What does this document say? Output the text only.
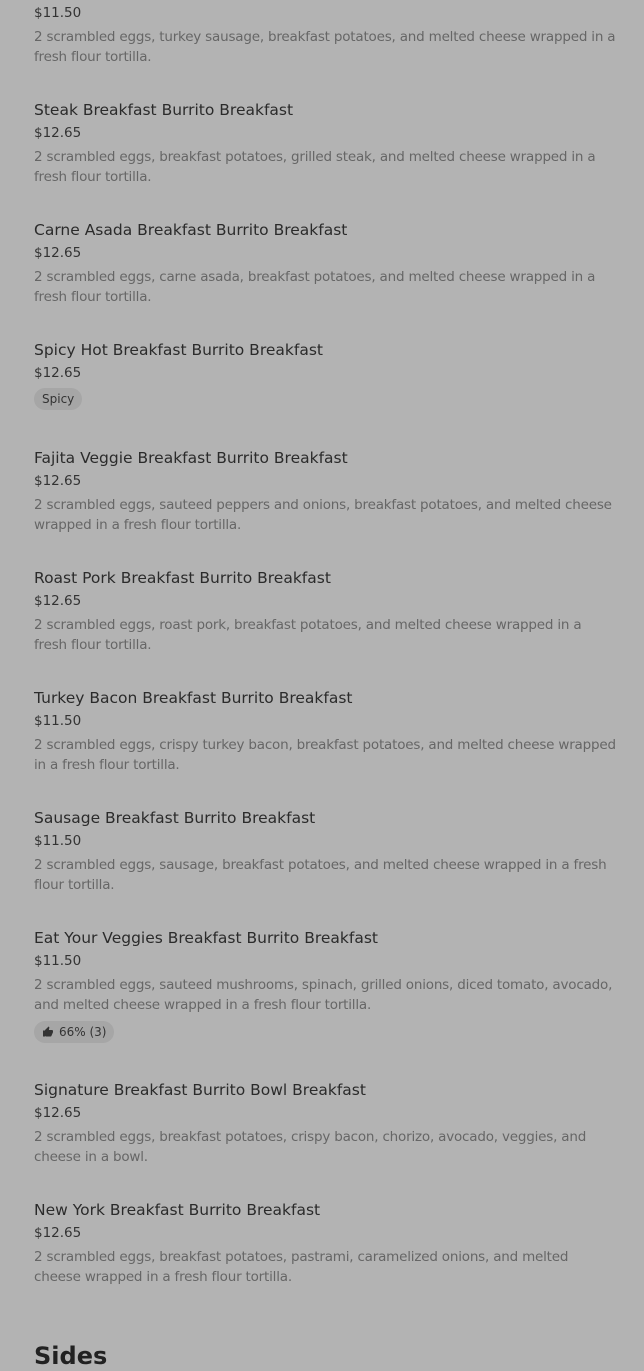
$11.50
2 scrambled eggs, turkey sausage, breakfast potatoes, and melted cheese wrapped in a fresh flour tortilla.
Steak Breakfast Burrito Breakfast
$12.65
2 scrambled eggs, breakfast potatoes, grilled steak, and melted cheese wrapped in a fresh flour tortilla.
Carne Asada Breakfast Burrito Breakfast
$12.65
2 scrambled eggs, carne asada, breakfast potatoes, and melted cheese wrapped in a fresh flour tortilla.
Spicy Hot Breakfast Burrito Breakfast
$12.65
Spicy
Fajita Veggie Breakfast Burrito Breakfast
$12.65
2 scrambled eggs, sauteed peppers and onions, breakfast potatoes, and melted cheese wrapped in a fresh flour tortilla.
Roast Pork Breakfast Burrito Breakfast
$12.65
2 scrambled eggs, roast pork, breakfast potatoes, and melted cheese wrapped in a fresh flour tortilla.
Turkey Bacon Breakfast Burrito Breakfast
$11.50
2 scrambled eggs, crispy turkey bacon, breakfast potatoes, and melted cheese wrapped in a fresh flour tortilla.
Sausage Breakfast Burrito Breakfast
$11.50
2 scrambled eggs, sausage, breakfast potatoes, and melted cheese wrapped in a fresh flour tortilla.
Eat Your Veggies Breakfast Burrito Breakfast
$11.50
2 scrambled eggs, sauteed mushrooms, spinach, grilled onions, diced tomato, avocado, and melted cheese wrapped in a fresh flour tortilla.
66% (3)
Signature Breakfast Burrito Bowl Breakfast
$12.65
2 scrambled eggs, breakfast potatoes, crispy bacon, chorizo, avocado, veggies, and cheese in a bowl.
New York Breakfast Burrito Breakfast
$12.65
2 scrambled eggs, breakfast potatoes, pastrami, caramelized onions, and melted cheese wrapped in a fresh flour tortilla.
Sides
